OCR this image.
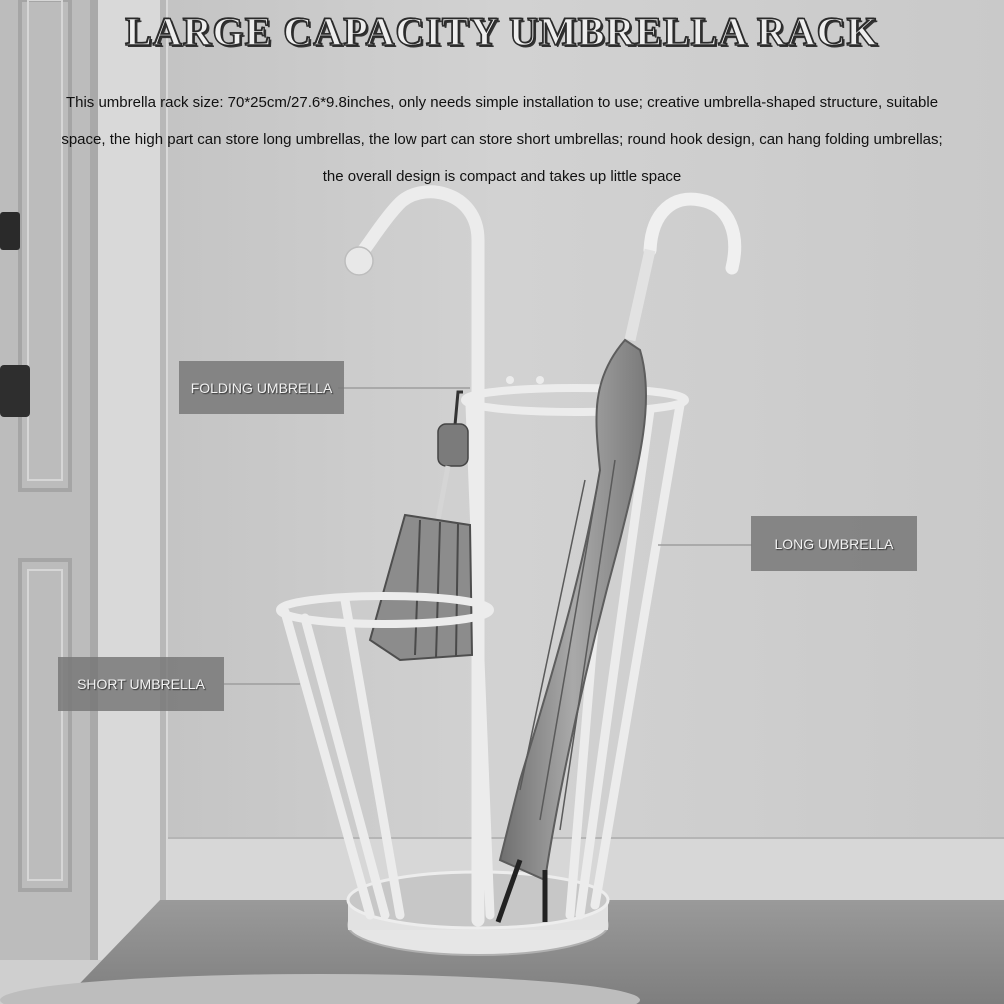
LARGE CAPACITY UMBRELLA RACK
This umbrella rack size: 70*25cm/27.6*9.8inches, only needs simple installation to use; creative umbrella-shaped structure, suitable
space, the high part can store long umbrellas, the low part can store short umbrellas; round hook design, can hang folding umbrellas;
the overall design is compact and takes up little space
FOLDING UMBRELLA
LONG UMBRELLA
SHORT UMBRELLA
